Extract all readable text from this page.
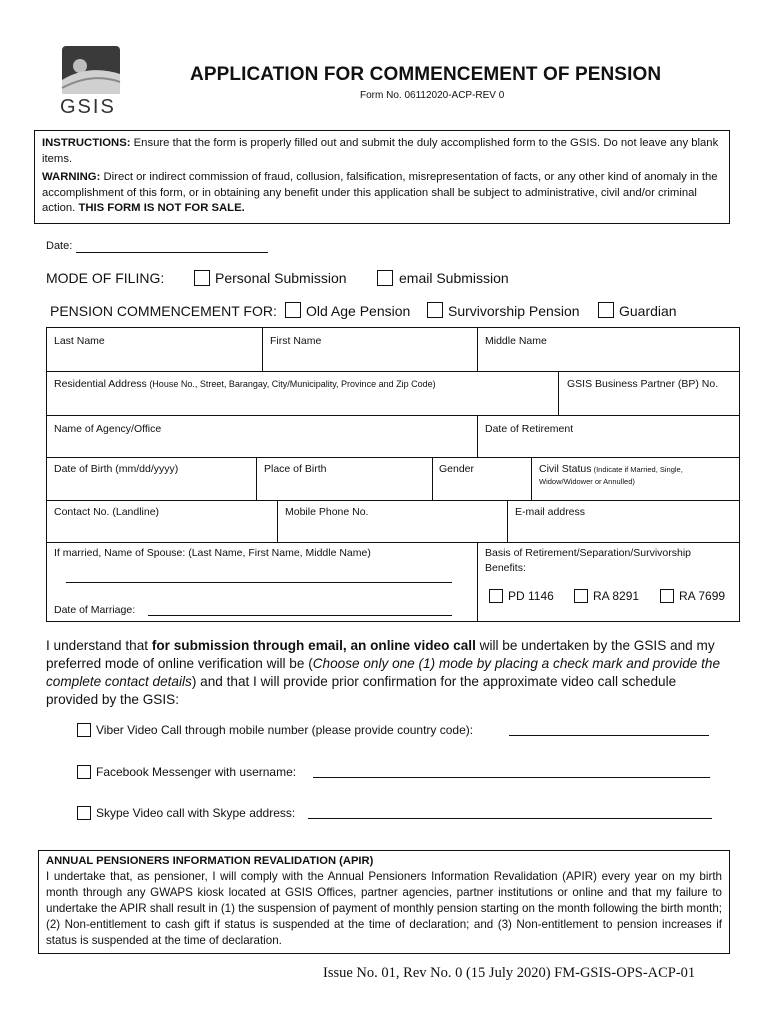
GSIS
APPLICATION FOR COMMENCEMENT OF PENSION
Form No. 06112020-ACP-REV 0
INSTRUCTIONS: Ensure that the form is properly filled out and submit the duly accomplished form to the GSIS. Do not leave any blank items.
WARNING: Direct or indirect commission of fraud, collusion, falsification, misrepresentation of facts, or any other kind of anomaly in the accomplishment of this form, or in obtaining any benefit under this application shall be subject to administrative, civil and/or criminal action. THIS FORM IS NOT FOR SALE.
Date:
MODE OF FILING:	Personal Submission	email Submission
PENSION COMMENCEMENT FOR: Old Age Pension	Survivorship Pension	Guardian
Last Name	First Name	Middle Name
Residential Address (House No., Street, Barangay, City/Municipality, Province and Zip Code)	GSIS Business Partner (BP) No.
Name of Agency/Office	Date of Retirement
Date of Birth (mm/dd/yyyy)	Place of Birth	Gender	Civil Status (Indicate if Married, Single,
Widow/Widower or Annulled)
Contact No. (Landline)	Mobile Phone No.	E-mail address
If married, Name of Spouse: (Last Name, First Name, Middle Name)
Date of Marriage:
Basis of Retirement/Separation/Survivorship
Benefits:
PD 1146	RA 8291	RA 7699
I understand that for submission through email, an online video call will be undertaken by the GSIS and my preferred mode of online verification will be (Choose only one (1) mode by placing a check mark and provide the complete contact details) and that I will provide prior confirmation for the approximate video call schedule provided by the GSIS:
Viber Video Call through mobile number (please provide country code):
Facebook Messenger with username:
Skype Video call with Skype address:
ANNUAL PENSIONERS INFORMATION REVALIDATION (APIR)
I undertake that, as pensioner, I will comply with the Annual Pensioners Information Revalidation (APIR) every year on my birth month through any GWAPS kiosk located at GSIS Offices, partner agencies, partner institutions or online and that my failure to undertake the APIR shall result in (1) the suspension of payment of monthly pension starting on the month following the birth month; (2) Non-entitlement to cash gift if status is suspended at the time of declaration; and (3) Non-entitlement to pension increases if status is suspended at the time of declaration.
Issue No. 01, Rev No. 0 (15 July 2020) FM-GSIS-OPS-ACP-01
